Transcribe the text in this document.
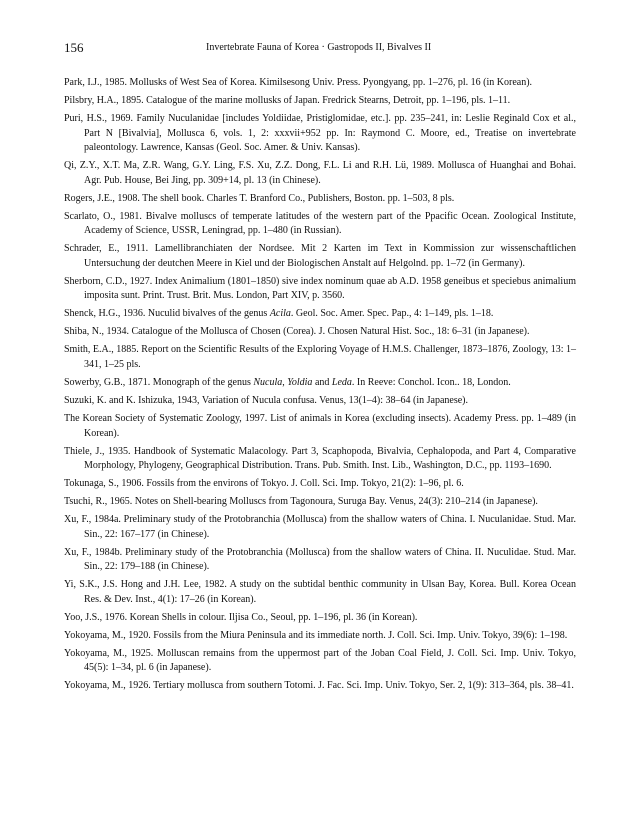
156	Invertebrate Fauna of Korea · Gastropods II, Bivalves II

Park, I.J., 1985. Mollusks of West Sea of Korea. Kimilsesong Univ. Press. Pyongyang, pp. 1–276, pl. 16 (in Korean).

Pilsbry, H.A., 1895. Catalogue of the marine mollusks of Japan. Fredrick Stearns, Detroit, pp. 1–196, pls. 1–11.

Puri, H.S., 1969. Family Nuculanidae [includes Yoldiidae, Pristiglomidae, etc.]. pp. 235–241, in: Leslie Reginald Cox et al., Part N [Bivalvia], Mollusca 6, vols. 1, 2: xxxvii+952 pp. In: Raymond C. Moore, ed., Treatise on invertebrate paleontology. Lawrence, Kansas (Geol. Soc. Amer. & Univ. Kansas).

Qi, Z.Y., X.T. Ma, Z.R. Wang, G.Y. Ling, F.S. Xu, Z.Z. Dong, F.L. Li and R.H. Lü, 1989. Mollusca of Huanghai and Bohai. Agr. Pub. House, Bei Jing, pp. 309+14, pl. 13 (in Chinese).

Rogers, J.E., 1908. The shell book. Charles T. Branford Co., Publishers, Boston. pp. 1–503, 8 pls.

Scarlato, O., 1981. Bivalve molluscs of temperate latitudes of the western part of the Ppacific Ocean. Zoological Institute, Academy of Science, USSR, Leningrad, pp. 1–480 (in Russian).

Schrader, E., 1911. Lamellibranchiaten der Nordsee. Mit 2 Karten im Text in Kommission zur wissenschaftlichen Untersuchung der deutchen Meere in Kiel und der Biologischen Anstalt auf Helgolnd. pp. 1–72 (in Germany).

Sherborn, C.D., 1927. Index Animalium (1801–1850) sive index nominum quae ab A.D. 1958 geneibus et speciebus animalium imposita sunt. Print. Trust. Brit. Mus. London, Part XIV, p. 3560.

Shenck, H.G., 1936. Nuculid bivalves of the genus Acila. Geol. Soc. Amer. Spec. Pap., 4: 1–149, pls. 1–18.

Shiba, N., 1934. Catalogue of the Mollusca of Chosen (Corea). J. Chosen Natural Hist. Soc., 18: 6–31 (in Japanese).

Smith, E.A., 1885. Report on the Scientific Results of the Exploring Voyage of H.M.S. Challenger, 1873–1876, Zoology, 13: 1–341, 1–25 pls.

Sowerby, G.B., 1871. Monograph of the genus Nucula, Yoldia and Leda. In Reeve: Conchol. Icon.. 18, London.

Suzuki, K. and K. Ishizuka, 1943, Variation of Nucula confusa. Venus, 13(1–4): 38–64 (in Japanese).

The Korean Society of Systematic Zoology, 1997. List of animals in Korea (excluding insects). Academy Press. pp. 1–489 (in Korean).

Thiele, J., 1935. Handbook of Systematic Malacology. Part 3, Scaphopoda, Bivalvia, Cephalopoda, and Part 4, Comparative Morphology, Phylogeny, Geographical Distribution. Trans. Pub. Smith. Inst. Lib., Washington, D.C., pp. 1193–1690.

Tokunaga, S., 1906. Fossils from the environs of Tokyo. J. Coll. Sci. Imp. Tokyo, 21(2): 1–96, pl. 6.

Tsuchi, R., 1965. Notes on Shell-bearing Molluscs from Tagonoura, Suruga Bay. Venus, 24(3): 210–214 (in Japanese).

Xu, F., 1984a. Preliminary study of the Protobranchia (Mollusca) from the shallow waters of China. I. Nuculanidae. Stud. Mar. Sin., 22: 167–177 (in Chinese).

Xu, F., 1984b. Preliminary study of the Protobranchia (Mollusca) from the shallow waters of China. II. Nuculidae. Stud. Mar. Sin., 22: 179–188 (in Chinese).

Yi, S.K., J.S. Hong and J.H. Lee, 1982. A study on the subtidal benthic community in Ulsan Bay, Korea. Bull. Korea Ocean Res. & Dev. Inst., 4(1): 17–26 (in Korean).

Yoo, J.S., 1976. Korean Shells in colour. Iljisa Co., Seoul, pp. 1–196, pl. 36 (in Korean).

Yokoyama, M., 1920. Fossils from the Miura Peninsula and its immediate north. J. Coll. Sci. Imp. Univ. Tokyo, 39(6): 1–198.

Yokoyama, M., 1925. Molluscan remains from the uppermost part of the Joban Coal Field, J. Coll. Sci. Imp. Univ. Tokyo, 45(5): 1–34, pl. 6 (in Japanese).

Yokoyama, M., 1926. Tertiary mollusca from southern Totomi. J. Fac. Sci. Imp. Univ. Tokyo, Ser. 2, 1(9): 313–364, pls. 38–41.
